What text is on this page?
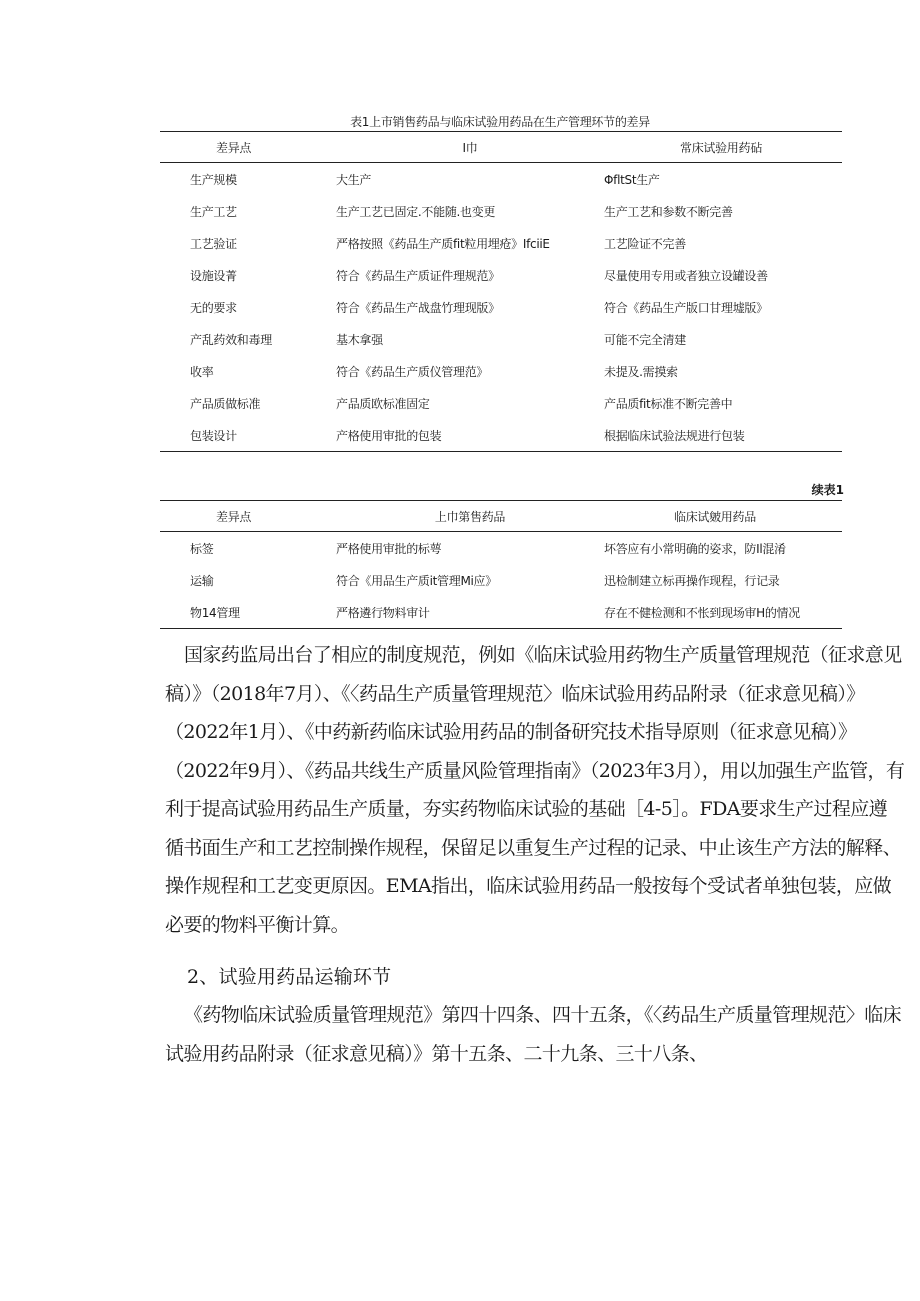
表1上市销售药品与临床试验用药品在生产管理环节的差异
差异点	I巾	常床试验用药砧
生产规模	大生产	ΦfltSt生产
生产工艺	生产工艺已固定.不能随.也变更	生产工艺和参数不断完善
工艺验证	严格按照《药品生产质fit粒用埋疮》IfciiE	工艺险证不完善
设施设菁	符合《药品生产质证件理规范》	尽量使用专用或者独立设罐设善
无的要求	符合《药品生产战盘竹理现版》	符合《药品生产版口甘理墟版》
产乱药效和毒理	基木拿强	可能不完全清建
收率	符合《药品生产质仪管理范》	未提及.需摸索
产品质做标准	产品质欧标准固定	产品质fit标准不断完善中
包装设计	产格使用审批的包装	根据临床试验法规进行包装
续表1
差异点	上巾第售药品	临床试皴用药品
标签	严格使用审批的标萼	坏答应有小常明确的姿求，防Il混淆
运输	符合《用品生产质it管理Mi应》	迅检制建立标再操作现程，行记录
物14管理	严格遴行物料审计	存在不健检测和不怅到现场审H的情况

国家药监局出台了相应的制度规范，例如《临床试验用药物生产质量管理规范（征求意见稿）》（2018年7月）、《〈药品生产质量管理规范〉临床试验用药品附录（征求意见稿）》（2022年1月）、《中药新药临床试验用药品的制备研究技术指导原则（征求意见稿）》（2022年9月）、《药品共线生产质量风险管理指南》（2023年3月），用以加强生产监管，有利于提高试验用药品生产质量，夯实药物临床试验的基础［4-5］。FDA要求生产过程应遵循书面生产和工艺控制操作规程，保留足以重复生产过程的记录、中止该生产方法的解释、操作规程和工艺变更原因。EMA指出，临床试验用药品一般按每个受试者单独包装，应做必要的物料平衡计算。

2、试验用药品运输环节

《药物临床试验质量管理规范》第四十四条、四十五条，《〈药品生产质量管理规范〉临床试验用药品附录（征求意见稿）》第十五条、二十九条、三十八条、
